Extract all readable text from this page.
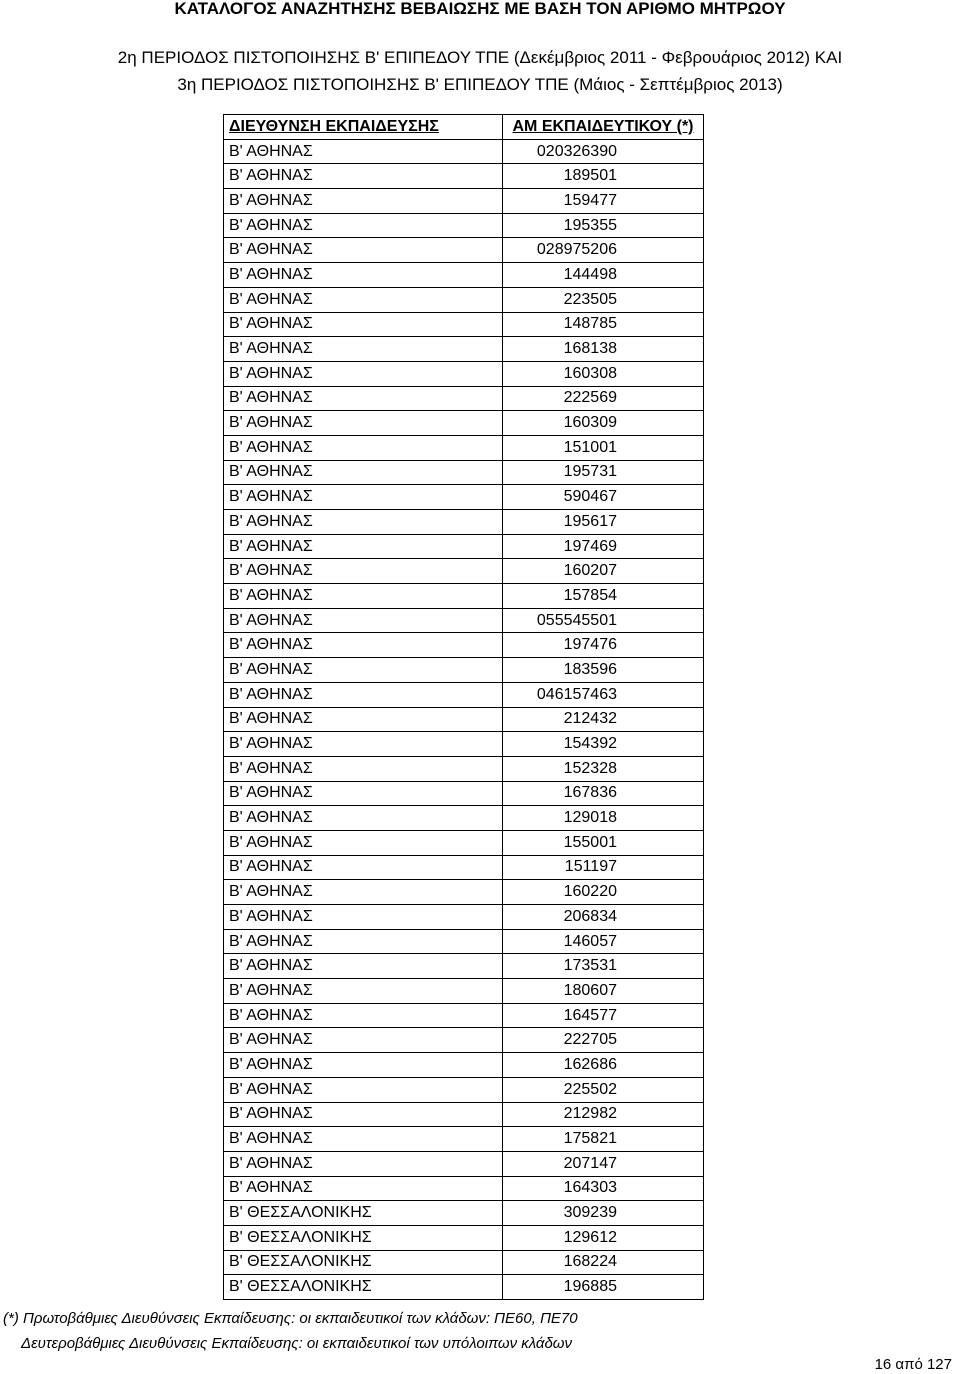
ΚΑΤΑΛΟΓΟΣ ΑΝΑΖΗΤΗΣΗΣ ΒΕΒΑΙΩΣΗΣ ΜΕ ΒΑΣΗ ΤΟΝ ΑΡΙΘΜΟ ΜΗΤΡΩΟΥ
2η ΠΕΡΙΟΔΟΣ ΠΙΣΤΟΠΟΙΗΣΗΣ Β' ΕΠΙΠΕΔΟΥ ΤΠΕ (Δεκέμβριος 2011 - Φεβρουάριος 2012) ΚΑΙ
3η ΠΕΡΙΟΔΟΣ ΠΙΣΤΟΠΟΙΗΣΗΣ Β' ΕΠΙΠΕΔΟΥ ΤΠΕ (Μάιος - Σεπτέμβριος 2013)
ΔΙΕΥΘΥΝΣΗ ΕΚΠΑΙΔΕΥΣΗΣ	ΑΜ ΕΚΠΑΙΔΕΥΤΙΚΟΥ (*)
Β' ΑΘΗΝΑΣ	020326390
Β' ΑΘΗΝΑΣ	189501
Β' ΑΘΗΝΑΣ	159477
Β' ΑΘΗΝΑΣ	195355
Β' ΑΘΗΝΑΣ	028975206
Β' ΑΘΗΝΑΣ	144498
Β' ΑΘΗΝΑΣ	223505
Β' ΑΘΗΝΑΣ	148785
Β' ΑΘΗΝΑΣ	168138
Β' ΑΘΗΝΑΣ	160308
Β' ΑΘΗΝΑΣ	222569
Β' ΑΘΗΝΑΣ	160309
Β' ΑΘΗΝΑΣ	151001
Β' ΑΘΗΝΑΣ	195731
Β' ΑΘΗΝΑΣ	590467
Β' ΑΘΗΝΑΣ	195617
Β' ΑΘΗΝΑΣ	197469
Β' ΑΘΗΝΑΣ	160207
Β' ΑΘΗΝΑΣ	157854
Β' ΑΘΗΝΑΣ	055545501
Β' ΑΘΗΝΑΣ	197476
Β' ΑΘΗΝΑΣ	183596
Β' ΑΘΗΝΑΣ	046157463
Β' ΑΘΗΝΑΣ	212432
Β' ΑΘΗΝΑΣ	154392
Β' ΑΘΗΝΑΣ	152328
Β' ΑΘΗΝΑΣ	167836
Β' ΑΘΗΝΑΣ	129018
Β' ΑΘΗΝΑΣ	155001
Β' ΑΘΗΝΑΣ	151197
Β' ΑΘΗΝΑΣ	160220
Β' ΑΘΗΝΑΣ	206834
Β' ΑΘΗΝΑΣ	146057
Β' ΑΘΗΝΑΣ	173531
Β' ΑΘΗΝΑΣ	180607
Β' ΑΘΗΝΑΣ	164577
Β' ΑΘΗΝΑΣ	222705
Β' ΑΘΗΝΑΣ	162686
Β' ΑΘΗΝΑΣ	225502
Β' ΑΘΗΝΑΣ	212982
Β' ΑΘΗΝΑΣ	175821
Β' ΑΘΗΝΑΣ	207147
Β' ΑΘΗΝΑΣ	164303
Β' ΘΕΣΣΑΛΟΝΙΚΗΣ	309239
Β' ΘΕΣΣΑΛΟΝΙΚΗΣ	129612
Β' ΘΕΣΣΑΛΟΝΙΚΗΣ	168224
Β' ΘΕΣΣΑΛΟΝΙΚΗΣ	196885
(*) Πρωτοβάθμιες Διευθύνσεις Εκπαίδευσης: οι εκπαιδευτικοί των κλάδων: ΠΕ60, ΠΕ70
Δευτεροβάθμιες Διευθύνσεις Εκπαίδευσης: οι εκπαιδευτικοί των υπόλοιπων κλάδων
16 από 127
